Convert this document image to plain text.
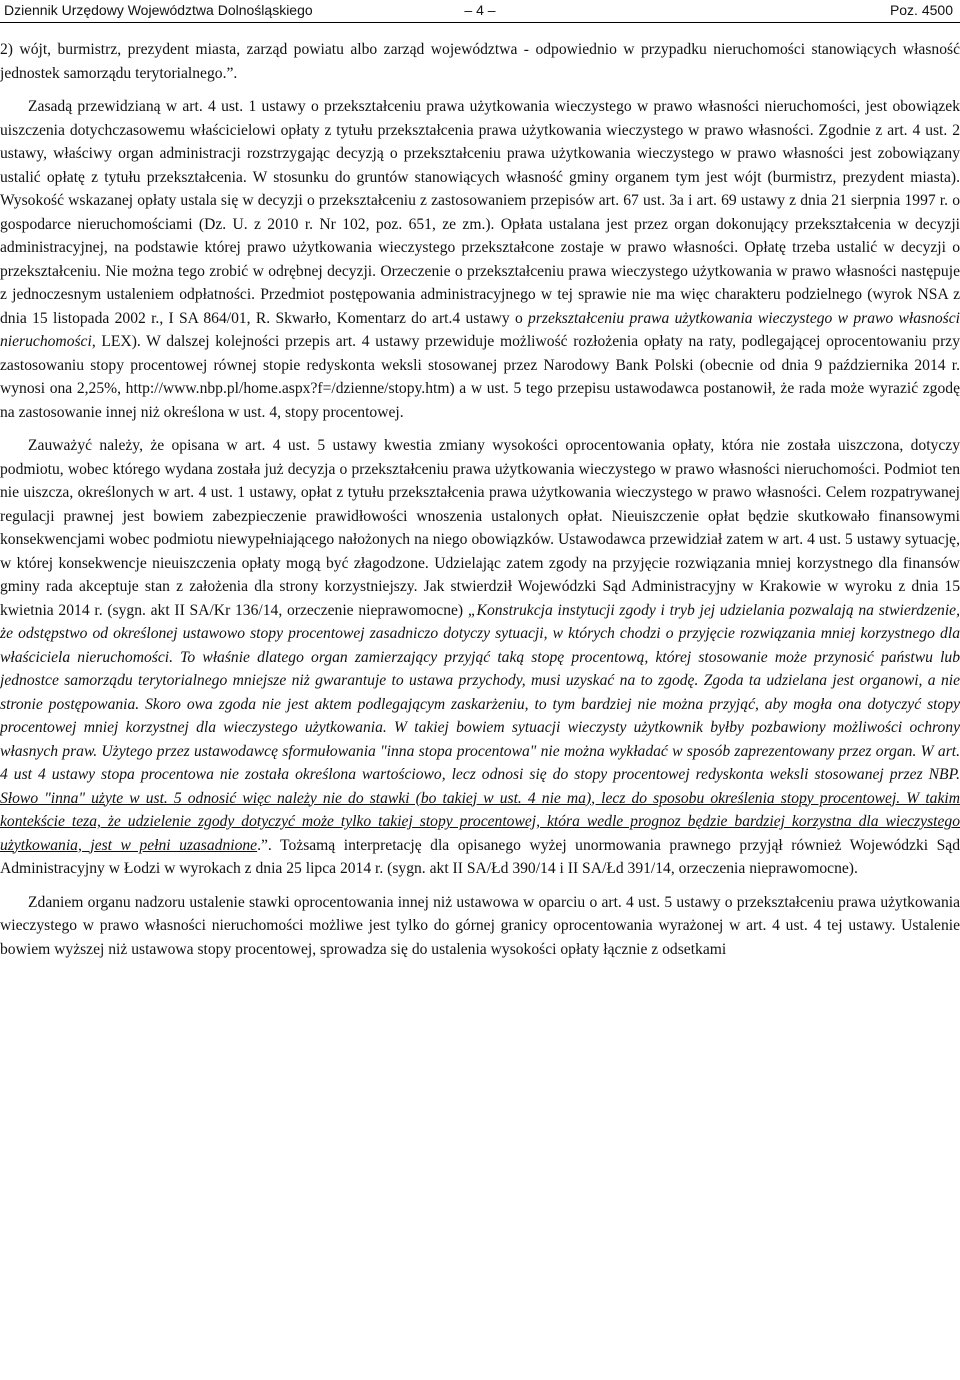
– 4 –
Dziennik Urzędowy Województwa Dolnośląskiego	Poz. 4500

2) wójt, burmistrz, prezydent miasta, zarząd powiatu albo zarząd województwa - odpowiednio w przypadku nieruchomości stanowiących własność jednostek samorządu terytorialnego.”.

Zasadą przewidzianą w art. 4 ust. 1 ustawy o przekształceniu prawa użytkowania wieczystego w prawo własności nieruchomości, jest obowiązek uiszczenia dotychczasowemu właścicielowi opłaty z tytułu przekształcenia prawa użytkowania wieczystego w prawo własności. Zgodnie z art. 4 ust. 2 ustawy, właściwy organ administracji rozstrzygając decyzją o przekształceniu prawa użytkowania wieczystego w prawo własności jest zobowiązany ustalić opłatę z tytułu przekształcenia. W stosunku do gruntów stanowiących własność gminy organem tym jest wójt (burmistrz, prezydent miasta). Wysokość wskazanej opłaty ustala się w decyzji o przekształceniu z zastosowaniem przepisów art. 67 ust. 3a i art. 69 ustawy z dnia 21 sierpnia 1997 r. o gospodarce nieruchomościami (Dz. U. z 2010 r. Nr 102, poz. 651, ze zm.). Opłata ustalana jest przez organ dokonujący przekształcenia w decyzji administracyjnej, na podstawie której prawo użytkowania wieczystego przekształcone zostaje w prawo własności. Opłatę trzeba ustalić w decyzji o przekształceniu. Nie można tego zrobić w odrębnej decyzji. Orzeczenie o przekształceniu prawa wieczystego użytkowania w prawo własności następuje z jednoczesnym ustaleniem odpłatności. Przedmiot postępowania administracyjnego w tej sprawie nie ma więc charakteru podzielnego (wyrok NSA z dnia 15 listopada 2002 r., I SA 864/01, R. Skwarło, Komentarz do art.4 ustawy o przekształceniu prawa użytkowania wieczystego w prawo własności nieruchomości, LEX). W dalszej kolejności przepis art. 4 ustawy przewiduje możliwość rozłożenia opłaty na raty, podlegającej oprocentowaniu przy zastosowaniu stopy procentowej równej stopie redyskonta weksli stosowanej przez Narodowy Bank Polski (obecnie od dnia 9 października 2014 r. wynosi ona 2,25%, http://www.nbp.pl/home.aspx?f=/dzienne/stopy.htm) a w ust. 5 tego przepisu ustawodawca postanowił, że rada może wyrazić zgodę na zastosowanie innej niż określona w ust. 4, stopy procentowej.

Zauważyć należy, że opisana w art. 4 ust. 5 ustawy kwestia zmiany wysokości oprocentowania opłaty, która nie została uiszczona, dotyczy podmiotu, wobec którego wydana została już decyzja o przekształceniu prawa użytkowania wieczystego w prawo własności nieruchomości. Podmiot ten nie uiszcza, określonych w art. 4 ust. 1 ustawy, opłat z tytułu przekształcenia prawa użytkowania wieczystego w prawo własności. Celem rozpatrywanej regulacji prawnej jest bowiem zabezpieczenie prawidłowości wnoszenia ustalonych opłat. Nieuiszczenie opłat będzie skutkowało finansowymi konsekwencjami wobec podmiotu niewypełniającego nałożonych na niego obowiązków. Ustawodawca przewidział zatem w art. 4 ust. 5 ustawy sytuację, w której konsekwencje nieuiszczenia opłaty mogą być złagodzone. Udzielając zatem zgody na przyjęcie rozwiązania mniej korzystnego dla finansów gminy rada akceptuje stan z założenia dla strony korzystniejszy. Jak stwierdził Wojewódzki Sąd Administracyjny w Krakowie w wyroku z dnia 15 kwietnia 2014 r. (sygn. akt II SA/Kr 136/14, orzeczenie nieprawomocne) „Konstrukcja instytucji zgody i tryb jej udzielania pozwalają na stwierdzenie, że odstępstwo od określonej ustawowo stopy procentowej zasadniczo dotyczy sytuacji, w których chodzi o przyjęcie rozwiązania mniej korzystnego dla właściciela nieruchomości. To właśnie dlatego organ zamierzający przyjąć taką stopę procentową, której stosowanie może przynosić państwu lub jednostce samorządu terytorialnego mniejsze niż gwarantuje to ustawa przychody, musi uzyskać na to zgodę. Zgoda ta udzielana jest organowi, a nie stronie postępowania. Skoro owa zgoda nie jest aktem podlegającym zaskarżeniu, to tym bardziej nie można przyjąć, aby mogła ona dotyczyć stopy procentowej mniej korzystnej dla wieczystego użytkowania. W takiej bowiem sytuacji wieczysty użytkownik byłby pozbawiony możliwości ochrony własnych praw. Użytego przez ustawodawcę sformułowania "inna stopa procentowa" nie można wykładać w sposób zaprezentowany przez organ. W art. 4 ust 4 ustawy stopa procentowa nie została określona wartościowo, lecz odnosi się do stopy procentowej redyskonta weksli stosowanej przez NBP. Słowo "inna" użyte w ust. 5 odnosić więc należy nie do stawki (bo takiej w ust. 4 nie ma), lecz do sposobu określenia stopy procentowej. W takim kontekście teza, że udzielenie zgody dotyczyć może tylko takiej stopy procentowej, która wedle prognoz będzie bardziej korzystna dla wieczystego użytkowania, jest w pełni uzasadnione.”. Tożsamą interpretację dla opisanego wyżej unormowania prawnego przyjął również Wojewódzki Sąd Administracyjny w Łodzi w wyrokach z dnia 25 lipca 2014 r. (sygn. akt II SA/Łd 390/14 i II SA/Łd 391/14, orzeczenia nieprawomocne).

Zdaniem organu nadzoru ustalenie stawki oprocentowania innej niż ustawowa w oparciu o art. 4 ust. 5 ustawy o przekształceniu prawa użytkowania wieczystego w prawo własności nieruchomości możliwe jest tylko do górnej granicy oprocentowania wyrażonej w art. 4 ust. 4 tej ustawy. Ustalenie bowiem wyższej niż ustawowa stopy procentowej, sprowadza się do ustalenia wysokości opłaty łącznie z odsetkami
